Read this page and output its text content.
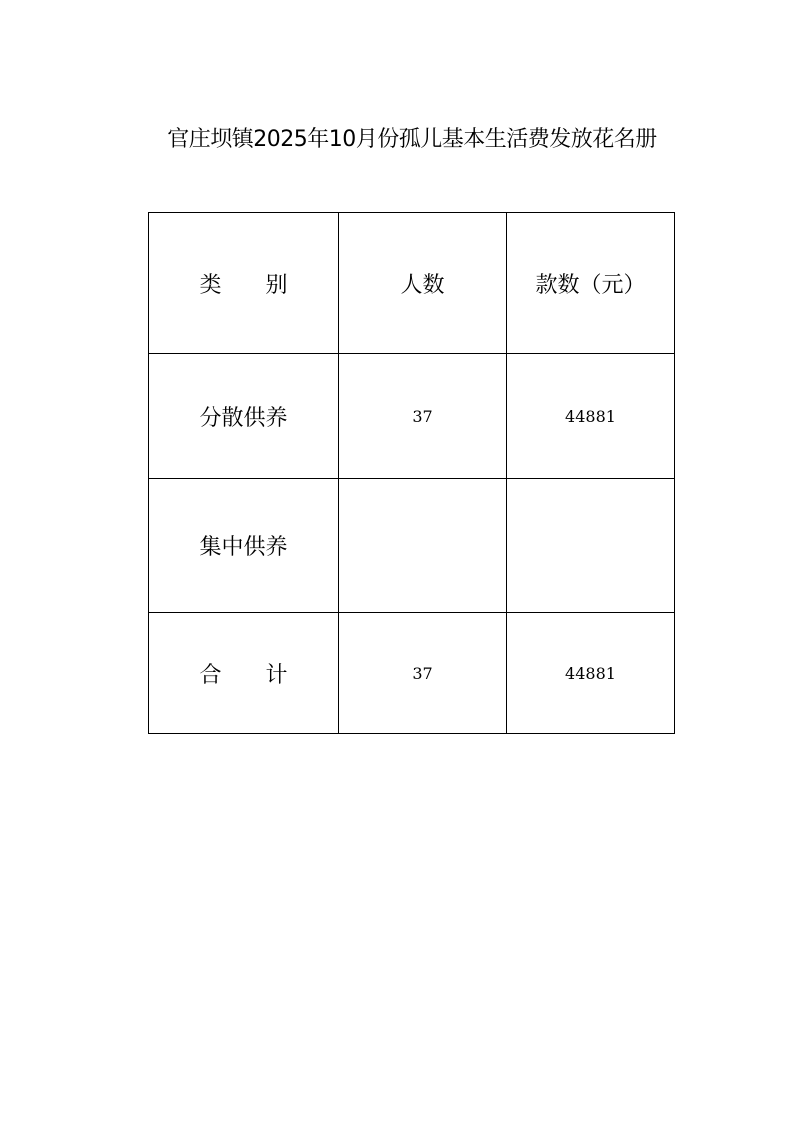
官庄坝镇2025年10月份孤儿基本生活费发放花名册
类　　别	人数	款数（元）
分散供养	37	44881
集中供养		
合　　计	37	44881
